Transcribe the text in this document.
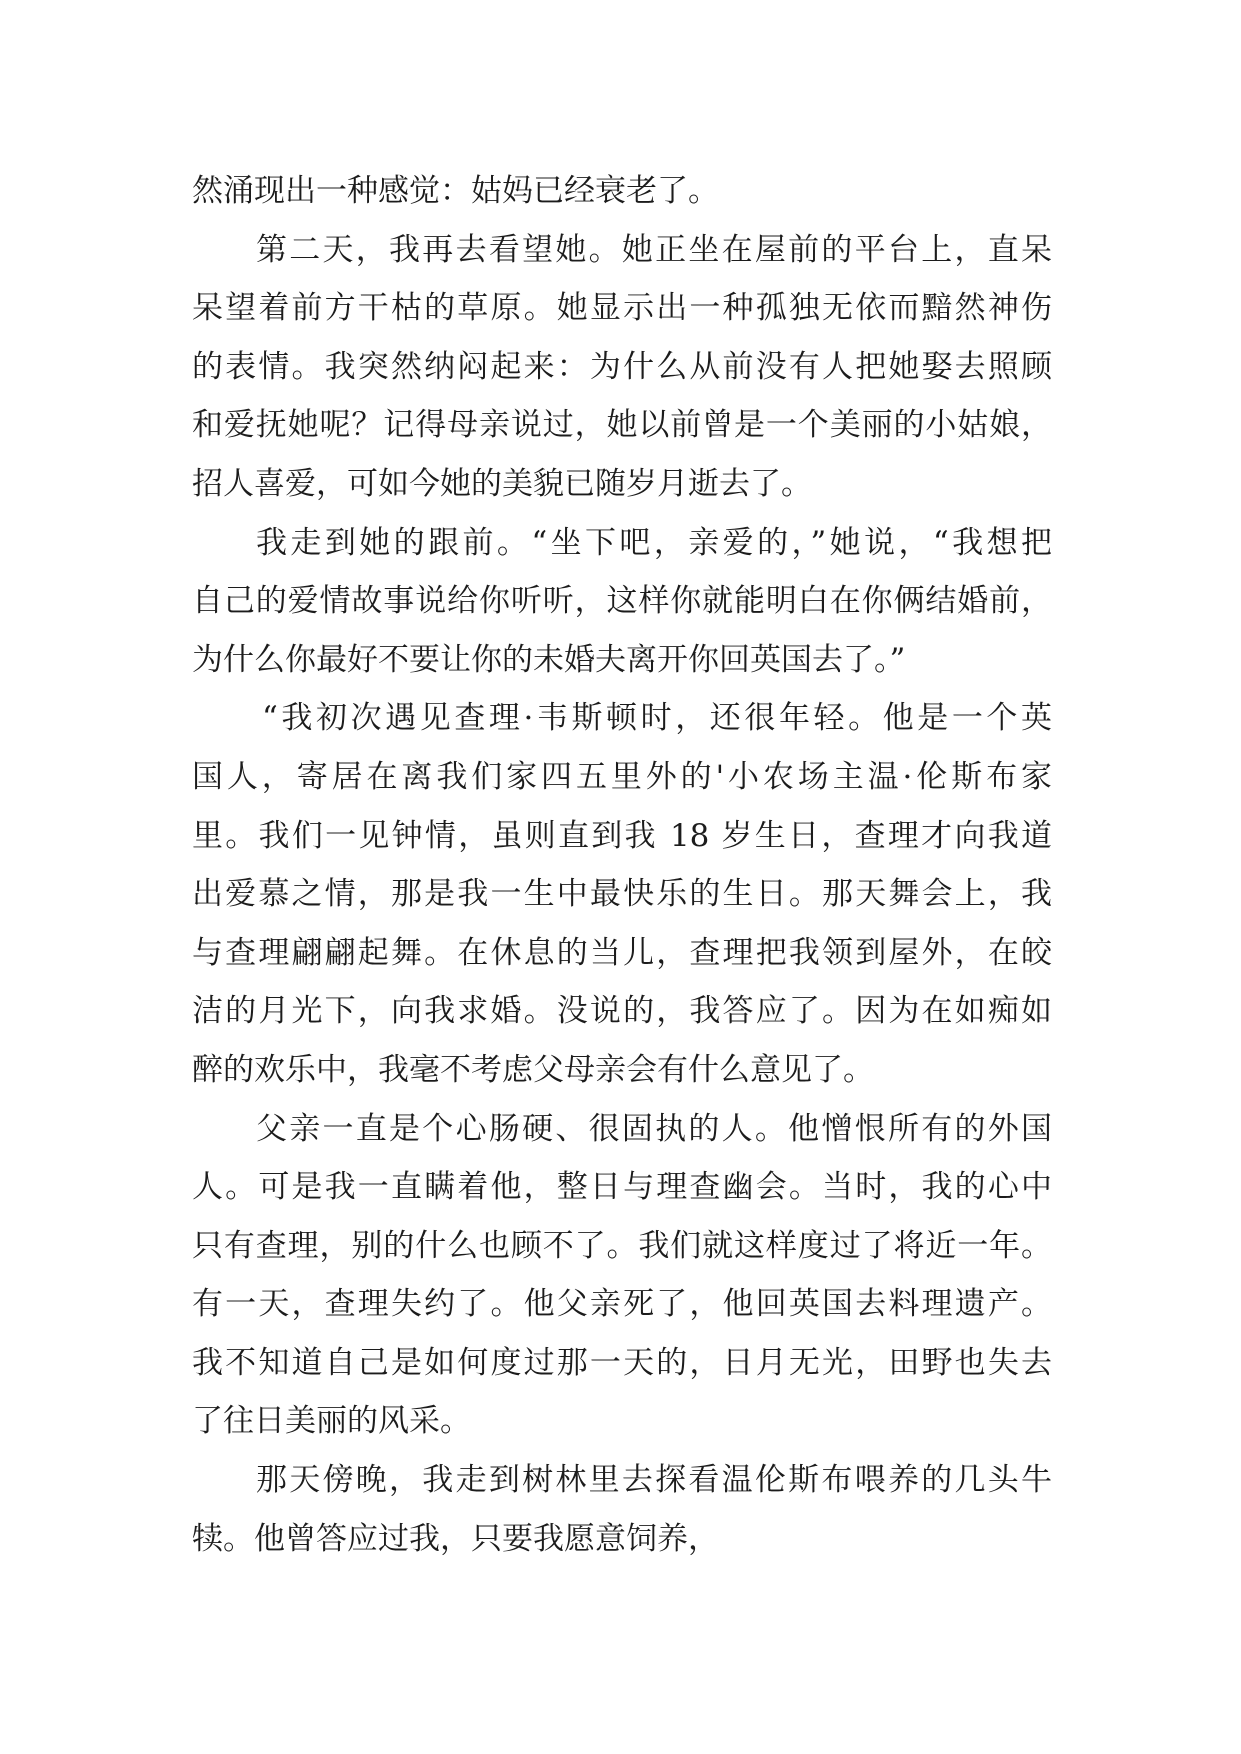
然涌现出一种感觉：姑妈已经衰老了。
第二天，我再去看望她。她正坐在屋前的平台上，直呆
呆望着前方干枯的草原。她显示出一种孤独无依而黯然神伤
的表情。我突然纳闷起来：为什么从前没有人把她娶去照顾
和爱抚她呢？记得母亲说过，她以前曾是一个美丽的小姑娘，
招人喜爱，可如今她的美貌已随岁月逝去了。
我走到她的跟前。“坐下吧，亲爱的，”她说，“我想把
自己的爱情故事说给你听听，这样你就能明白在你俩结婚前，
为什么你最好不要让你的未婚夫离开你回英国去了。”
“我初次遇见查理·韦斯顿时，还很年轻。他是一个英
国人，寄居在离我们家四五里外的'小农场主温·伦斯布家
里。我们一见钟情，虽则直到我 18 岁生日，查理才向我道
出爱慕之情，那是我一生中最快乐的生日。那天舞会上，我
与查理翩翩起舞。在休息的当儿，查理把我领到屋外，在皎
洁的月光下，向我求婚。没说的，我答应了。因为在如痴如
醉的欢乐中，我毫不考虑父母亲会有什么意见了。
父亲一直是个心肠硬、很固执的人。他憎恨所有的外国
人。可是我一直瞒着他，整日与理查幽会。当时，我的心中
只有查理，别的什么也顾不了。我们就这样度过了将近一年。
有一天，查理失约了。他父亲死了，他回英国去料理遗产。
我不知道自己是如何度过那一天的，日月无光，田野也失去
了往日美丽的风采。
那天傍晚，我走到树林里去探看温伦斯布喂养的几头牛
犊。他曾答应过我，只要我愿意饲养，
